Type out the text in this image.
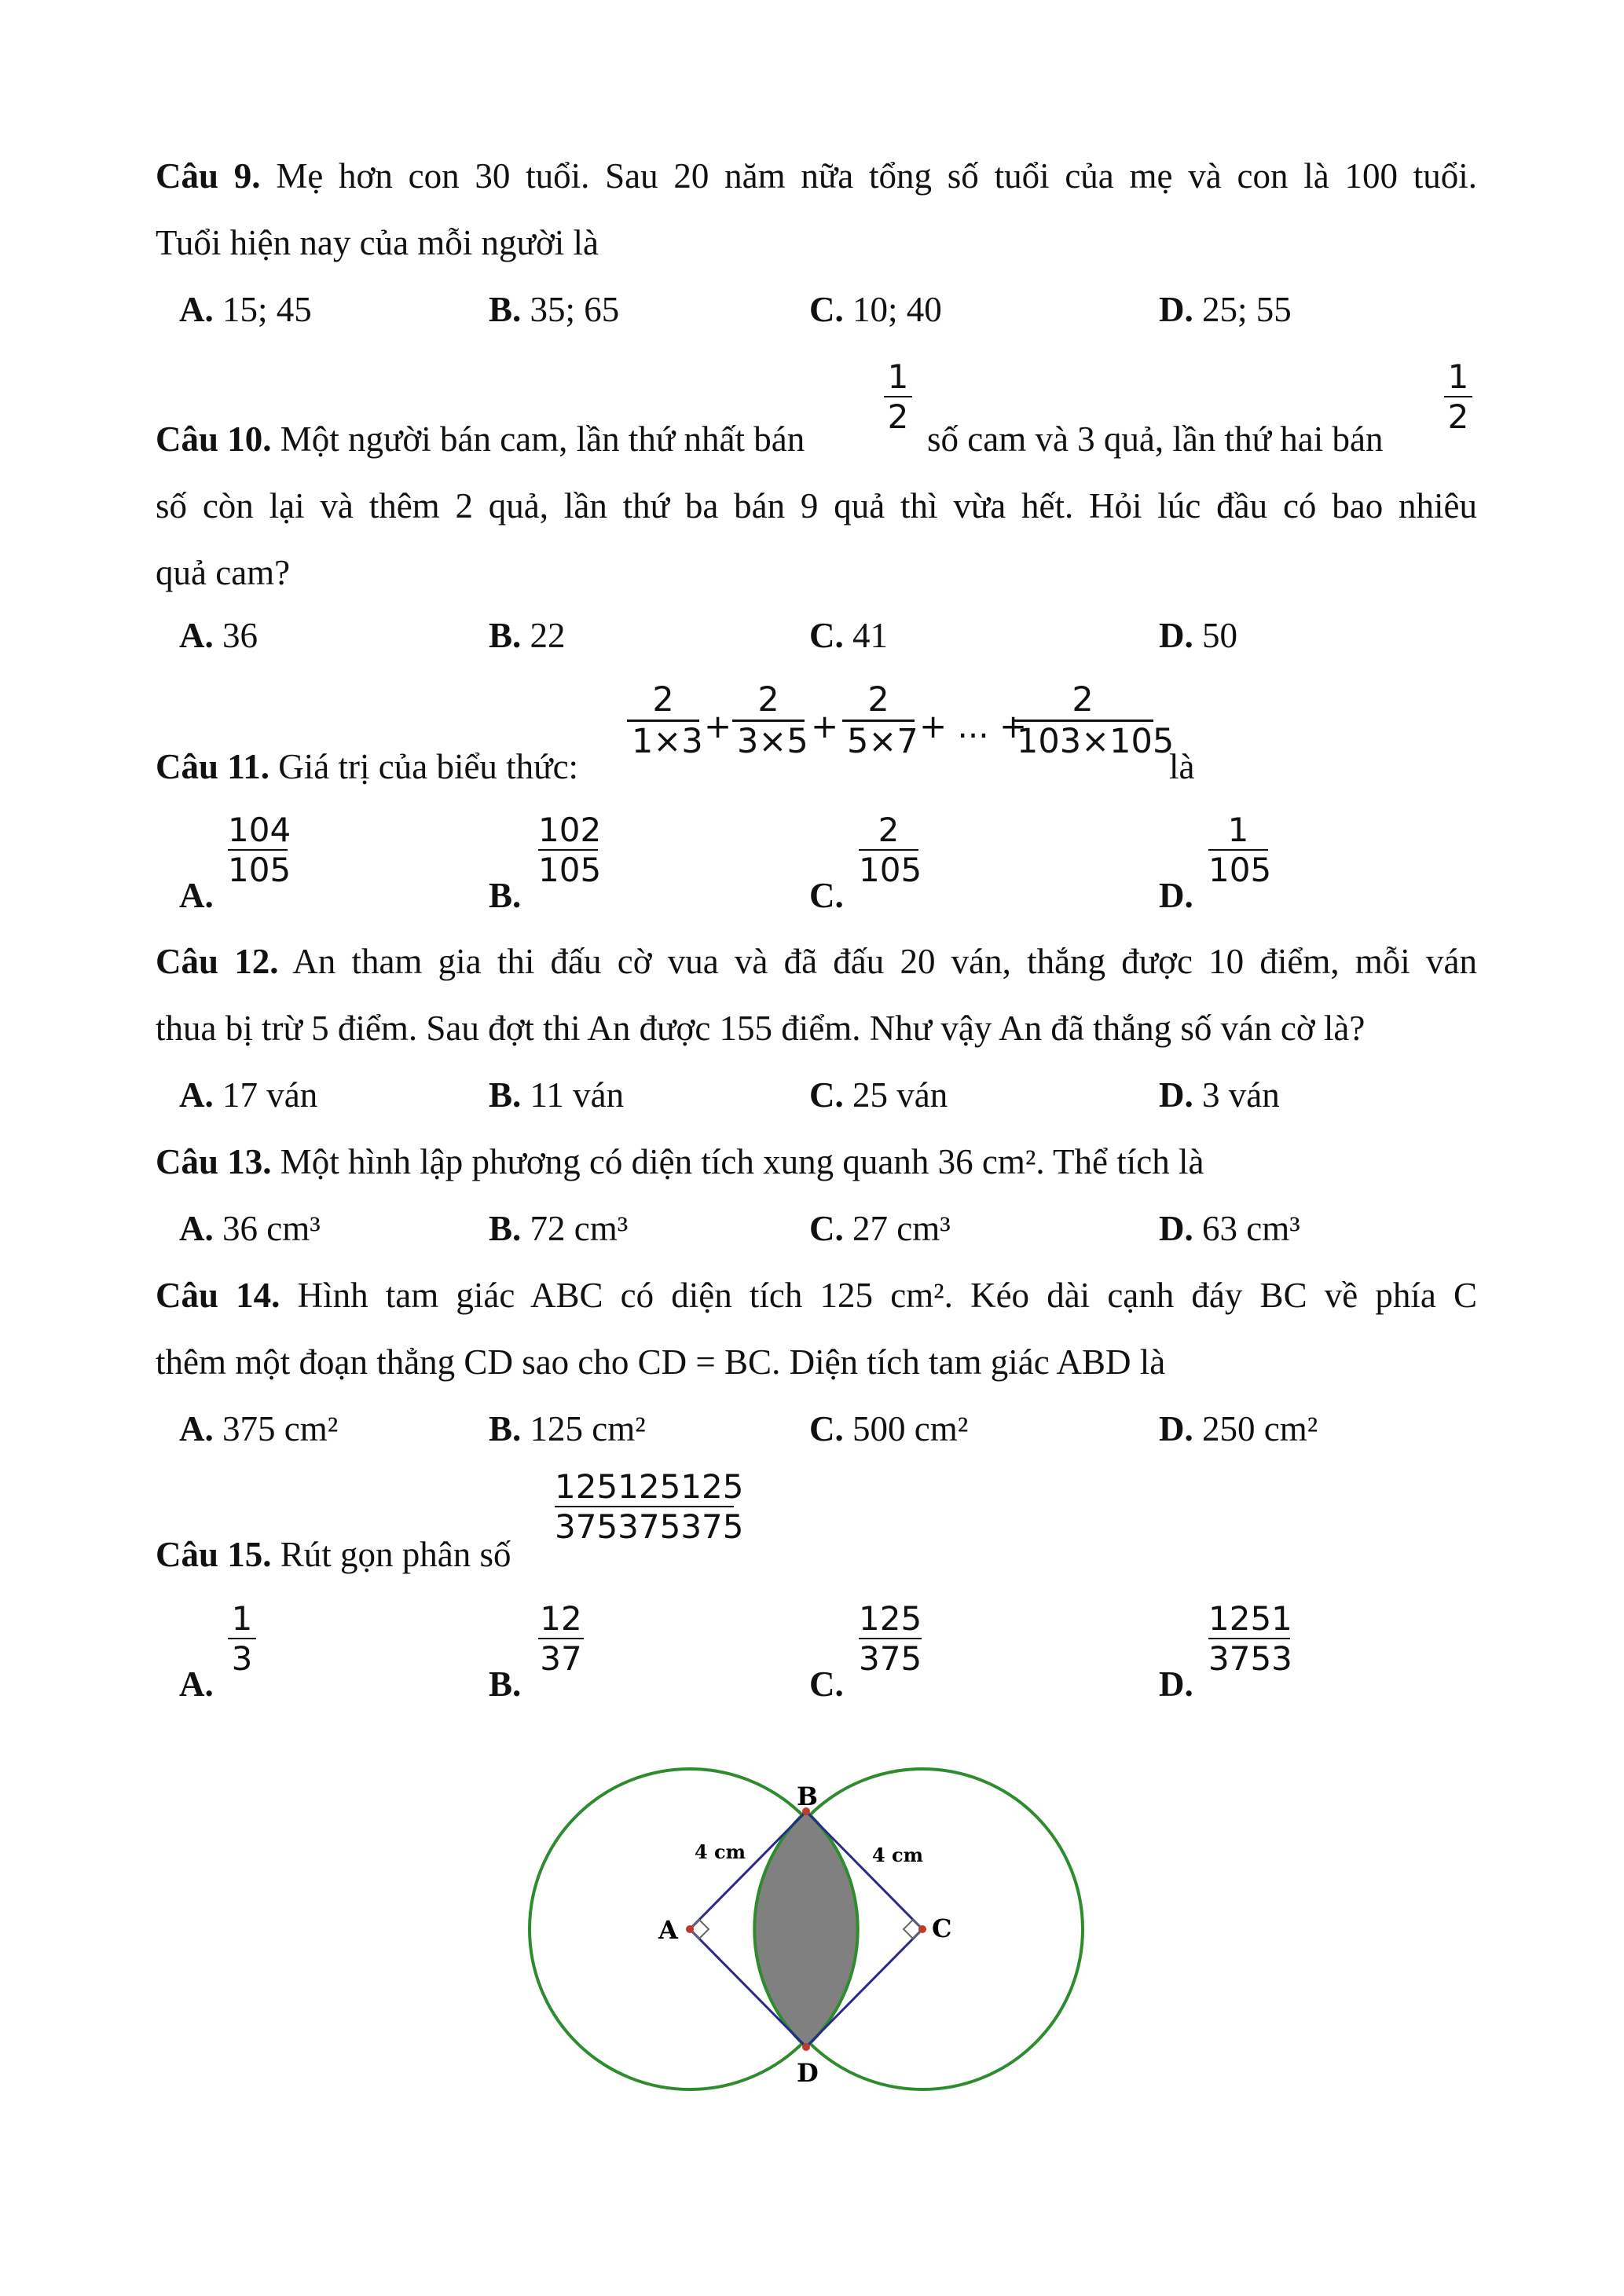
Câu 9. Mẹ hơn con 30 tuổi. Sau 20 năm nữa tổng số tuổi của mẹ và con là 100 tuổi.
Tuổi hiện nay của mỗi người là
A. 15; 45	B. 35; 65	C. 10; 40	D. 25; 55
Câu 10. Một người bán cam, lần thứ nhất bán
$\frac{1}{2}$
số cam và 3 quả, lần thứ hai bán
$\frac{1}{2}$
số còn lại và thêm 2 quả, lần thứ ba bán 9 quả thì vừa hết. Hỏi lúc đầu có bao nhiêu
quả cam?
A. 36	B. 22	C. 41	D. 50
Câu 11. Giá trị của biểu thức:
$\frac{2}{1\times 3} + \frac{2}{3\times 5} + \frac{2}{5\times 7}$ + ... +
$\frac{2}{103\times 105}$
là
A.
$\frac{104}{105}$
B.
$\frac{102}{105}$
C.
$\frac{2}{105}$
D.
$\frac{1}{105}$
Câu 12. An tham gia thi đấu cờ vua và đã đấu 20 ván, thắng được 10 điểm, mỗi ván
thua bị trừ 5 điểm. Sau đợt thi An được 155 điểm. Như vậy An đã thắng số ván cờ là?
A. 17 ván	B. 11 ván	C. 25 ván	D. 3 ván
Câu 13. Một hình lập phương có diện tích xung quanh 36 cm². Thể tích là
A. 36 cm³	B. 72 cm³	C. 27 cm³	D. 63 cm³
Câu 14. Hình tam giác ABC có diện tích 125 cm². Kéo dài cạnh đáy BC về phía C
thêm một đoạn thẳng CD sao cho CD = BC. Diện tích tam giác ABD là
A. 375 cm²	B. 125 cm²	C. 500 cm²	D. 250 cm²
Câu 15. Rút gọn phân số
$\frac{125125125}{375375375}$
A.
$\frac{1}{3}$
B.
$\frac{12}{37}$
C.
$\frac{125}{375}$
D.
$\frac{1251}{3753}$
B
A	C
D
4 cm	4 cm
